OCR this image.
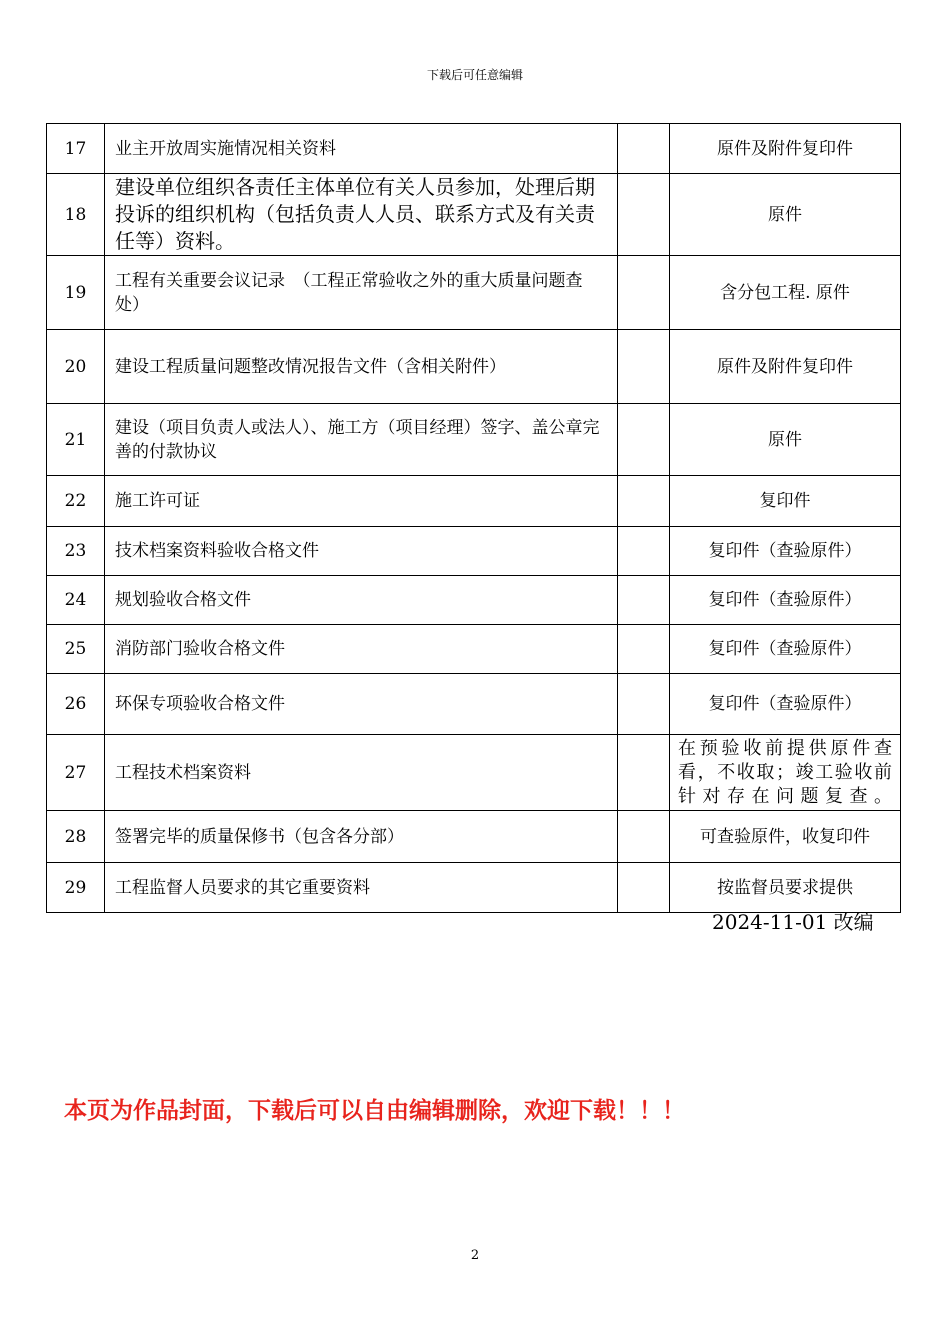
下载后可任意编辑
17	业主开放周实施情况相关资料		原件及附件复印件
18	建设单位组织各责任主体单位有关人员参加，处理后期投诉的组织机构（包括负责人人员、联系方式及有关责任等）资料。		原件
19	工程有关重要会议记录　（工程正常验收之外的重大质量问题查处）		含分包工程. 原件
20	建设工程质量问题整改情况报告文件（含相关附件）		原件及附件复印件
21	建设（项目负责人或法人）、施工方（项目经理）签字、盖公章完善的付款协议		原件
22	施工许可证		复印件
23	技术档案资料验收合格文件		复印件（查验原件）
24	规划验收合格文件		复印件（查验原件）
25	消防部门验收合格文件		复印件（查验原件）
26	环保专项验收合格文件		复印件（查验原件）
27	工程技术档案资料		在预验收前提供原件查看，不收取；竣工验收前针对存在问题复查。
28	签署完毕的质量保修书（包含各分部）		可查验原件，收复印件
29	工程监督人员要求的其它重要资料		按监督员要求提供
2024-11-01 改编
本页为作品封面，下载后可以自由编辑删除，欢迎下载！！！
2
